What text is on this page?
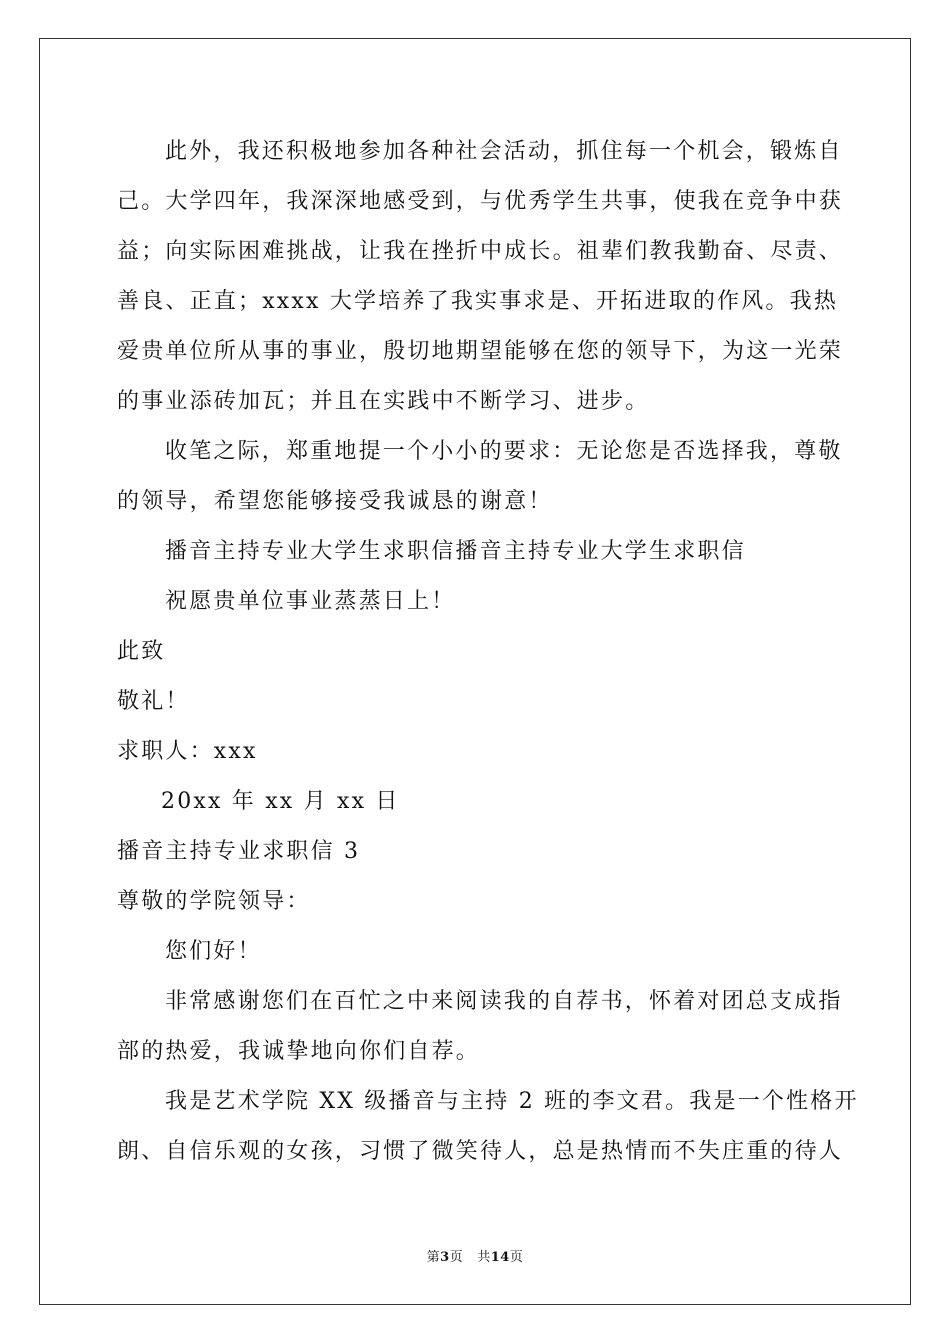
此外，我还积极地参加各种社会活动，抓住每一个机会，锻炼自
己。大学四年，我深深地感受到，与优秀学生共事，使我在竞争中获
益；向实际困难挑战，让我在挫折中成长。祖辈们教我勤奋、尽责、
善良、正直；xxxx 大学培养了我实事求是、开拓进取的作风。我热
爱贵单位所从事的事业，殷切地期望能够在您的领导下，为这一光荣
的事业添砖加瓦；并且在实践中不断学习、进步。
收笔之际，郑重地提一个小小的要求：无论您是否选择我，尊敬
的领导，希望您能够接受我诚恳的谢意！
播音主持专业大学生求职信播音主持专业大学生求职信
祝愿贵单位事业蒸蒸日上！
此致
敬礼！
求职人：xxx
20xx 年 xx 月 xx 日
播音主持专业求职信 3
尊敬的学院领导：
您们好！
非常感谢您们在百忙之中来阅读我的自荐书，怀着对团总支成指
部的热爱，我诚挚地向你们自荐。
我是艺术学院 XX 级播音与主持 2 班的李文君。我是一个性格开
朗、自信乐观的女孩，习惯了微笑待人，总是热情而不失庄重的待人
第3页 共14页
